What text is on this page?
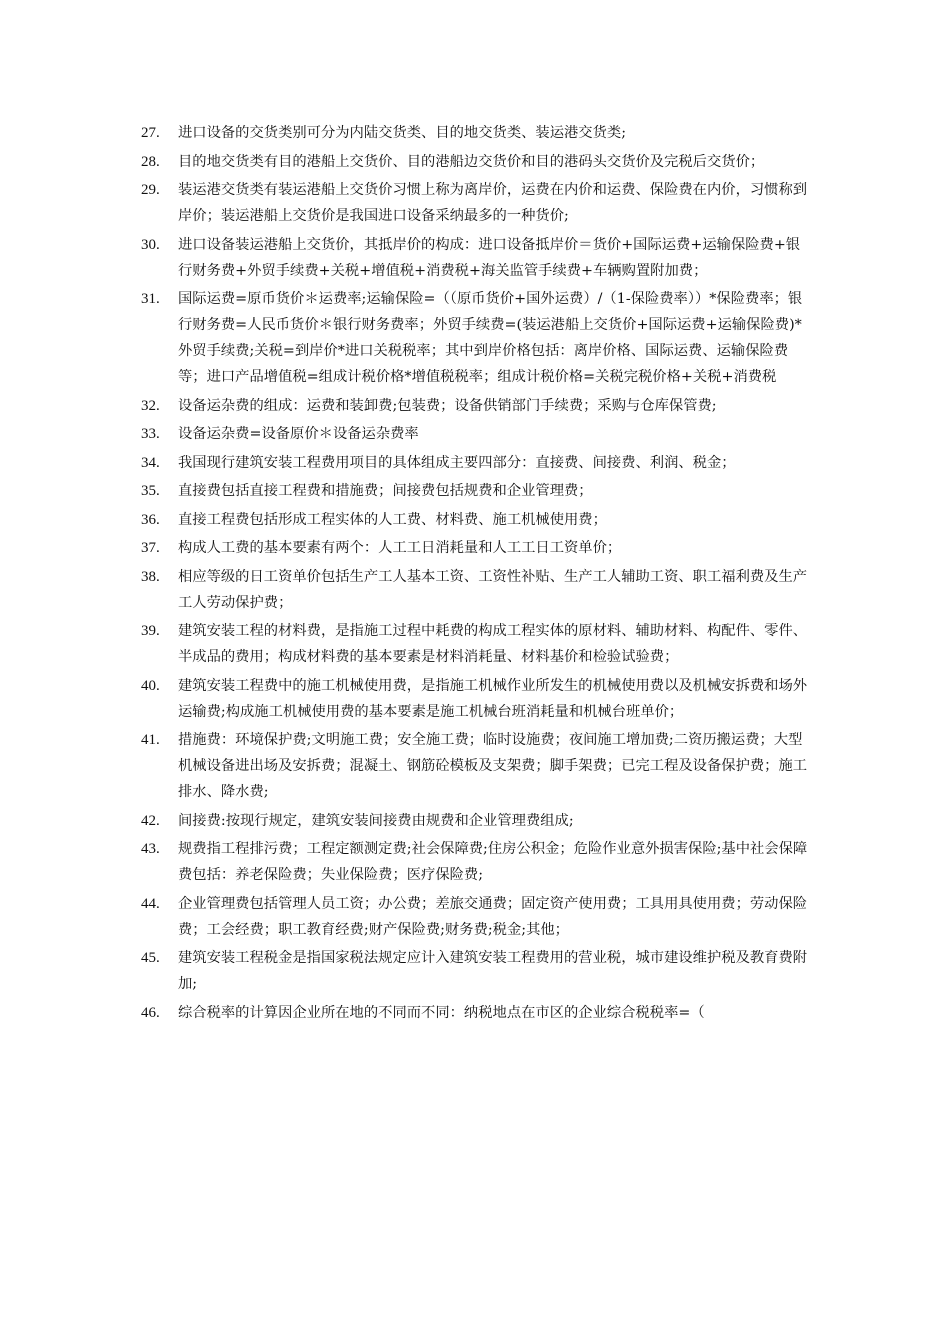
27.	进口设备的交货类别可分为内陆交货类、目的地交货类、装运港交货类;
28.	目的地交货类有目的港船上交货价、目的港船边交货价和目的港码头交货价及完税后交货价；
29.	装运港交货类有装运港船上交货价习惯上称为离岸价，运费在内价和运费、保险费在内价，习惯称到岸价；装运港船上交货价是我国进口设备采纳最多的一种货价;
30.	进口设备装运港船上交货价，其抵岸价的构成：进口设备抵岸价＝货价+国际运费+运输保险费+银行财务费+外贸手续费+关税+增值税+消费税+海关监管手续费+车辆购置附加费；
31.	国际运费=原币货价＊运费率;运输保险=（（原币货价+国外运费）/（1-保险费率））*保险费率；银行财务费=人民币货价＊银行财务费率；外贸手续费=(装运港船上交货价+国际运费+运输保险费)*外贸手续费;关税=到岸价*进口关税税率；其中到岸价格包括：离岸价格、国际运费、运输保险费等；进口产品增值税=组成计税价格*增值税税率；组成计税价格=关税完税价格+关税+消费税
32.	设备运杂费的组成：运费和装卸费;包装费；设备供销部门手续费；采购与仓库保管费;
33.	设备运杂费=设备原价＊设备运杂费率
34.	我国现行建筑安装工程费用项目的具体组成主要四部分：直接费、间接费、利润、税金；
35.	直接费包括直接工程费和措施费；间接费包括规费和企业管理费；
36.	直接工程费包括形成工程实体的人工费、材料费、施工机械使用费；
37.	构成人工费的基本要素有两个：人工工日消耗量和人工工日工资单价；
38.	相应等级的日工资单价包括生产工人基本工资、工资性补贴、生产工人辅助工资、职工福利费及生产工人劳动保护费；
39.	建筑安装工程的材料费，是指施工过程中耗费的构成工程实体的原材料、辅助材料、构配件、零件、半成品的费用；构成材料费的基本要素是材料消耗量、材料基价和检验试验费；
40.	建筑安装工程费中的施工机械使用费，是指施工机械作业所发生的机械使用费以及机械安拆费和场外运输费;构成施工机械使用费的基本要素是施工机械台班消耗量和机械台班单价；
41.	措施费：环境保护费;文明施工费；安全施工费；临时设施费；夜间施工增加费;二资历搬运费；大型机械设备进出场及安拆费；混凝土、钢筋砼模板及支架费；脚手架费；已完工程及设备保护费；施工排水、降水费;
42.	间接费:按现行规定，建筑安装间接费由规费和企业管理费组成;
43.	规费指工程排污费；工程定额测定费;社会保障费;住房公积金；危险作业意外损害保险;基中社会保障费包括：养老保险费；失业保险费；医疗保险费;
44.	企业管理费包括管理人员工资；办公费；差旅交通费；固定资产使用费；工具用具使用费；劳动保险费；工会经费；职工教育经费;财产保险费;财务费;税金;其他；
45.	建筑安装工程税金是指国家税法规定应计入建筑安装工程费用的营业税，城市建设维护税及教育费附加;
46.	综合税率的计算因企业所在地的不同而不同：纳税地点在市区的企业综合税税率=（
